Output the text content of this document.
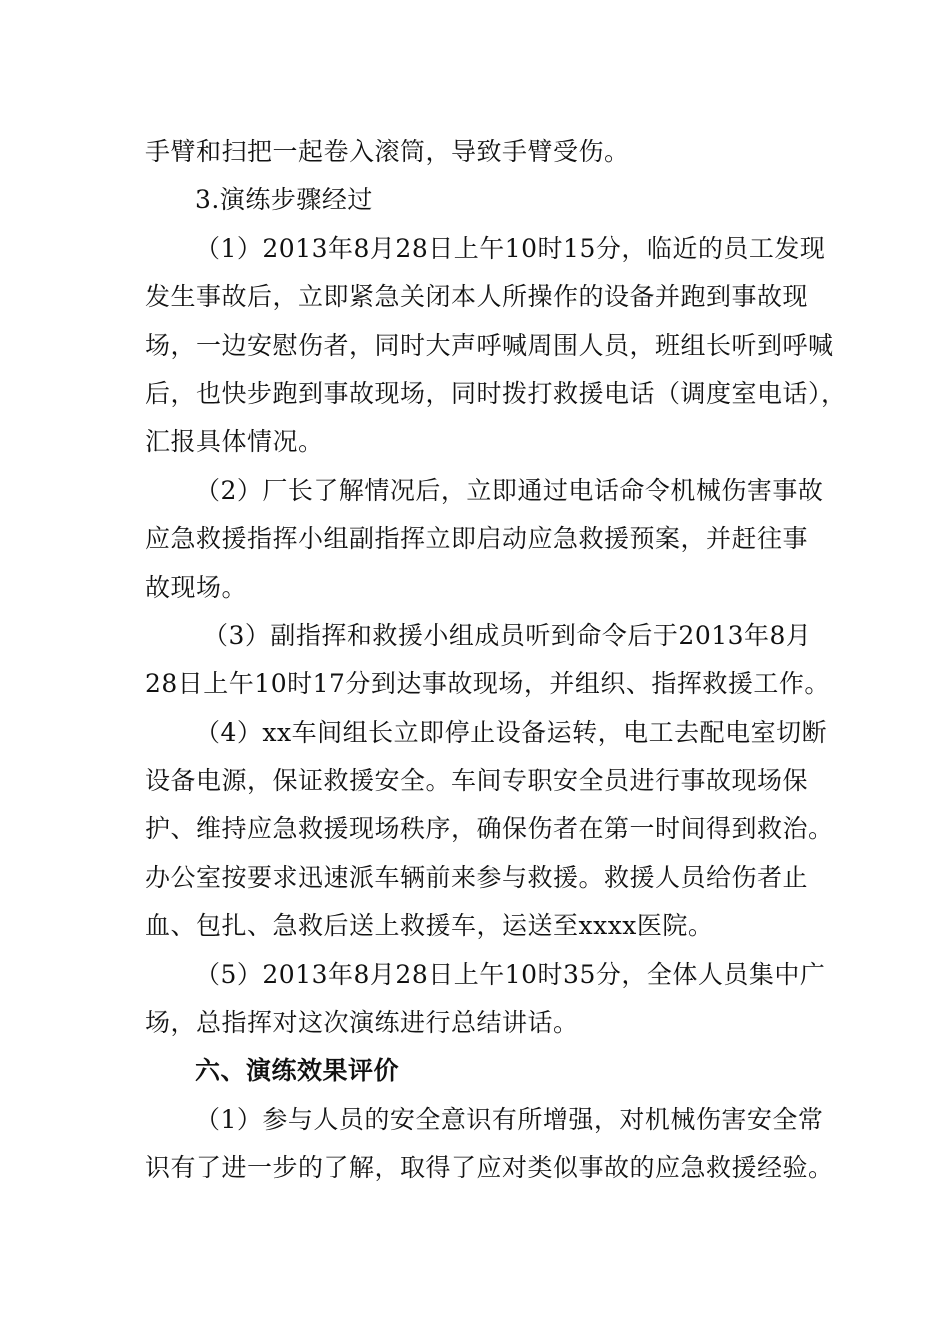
手臂和扫把一起卷入滚筒，导致手臂受伤。
3.演练步骤经过
（1）2013年8月28日上午10时15分，临近的员工发现
发生事故后，立即紧急关闭本人所操作的设备并跑到事故现
场，一边安慰伤者，同时大声呼喊周围人员，班组长听到呼喊
后，也快步跑到事故现场，同时拨打救援电话（调度室电话），
汇报具体情况。
（2）厂长了解情况后，立即通过电话命令机械伤害事故
应急救援指挥小组副指挥立即启动应急救援预案，并赶往事
故现场。
（3）副指挥和救援小组成员听到命令后于2013年8月
28日上午10时17分到达事故现场，并组织、指挥救援工作。
（4）xx车间组长立即停止设备运转，电工去配电室切断
设备电源，保证救援安全。车间专职安全员进行事故现场保
护、维持应急救援现场秩序，确保伤者在第一时间得到救治。
办公室按要求迅速派车辆前来参与救援。救援人员给伤者止
血、包扎、急救后送上救援车，运送至xxxx医院。
（5）2013年8月28日上午10时35分，全体人员集中广
场，总指挥对这次演练进行总结讲话。
六、演练效果评价
（1）参与人员的安全意识有所增强，对机械伤害安全常
识有了进一步的了解，取得了应对类似事故的应急救援经验。
